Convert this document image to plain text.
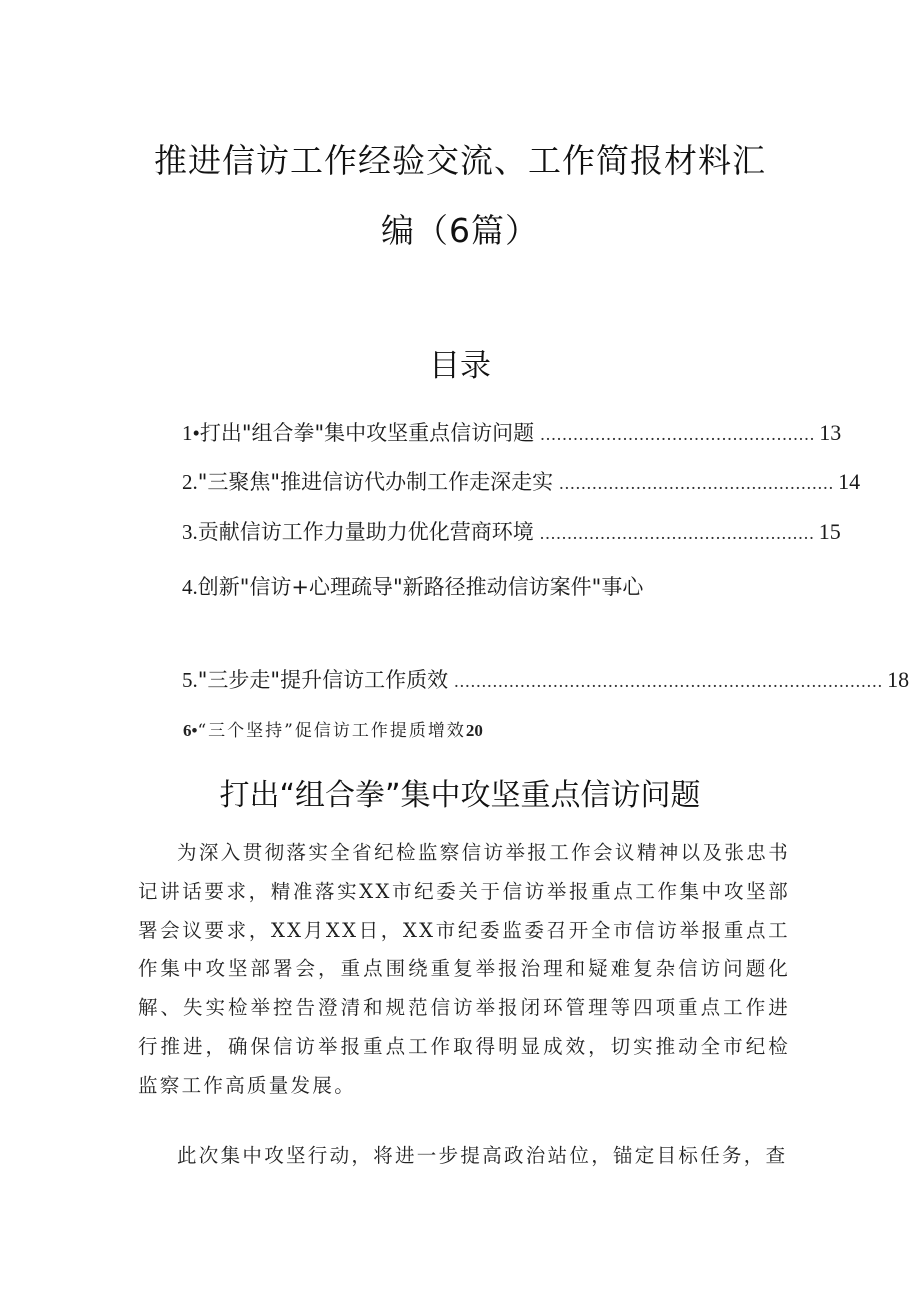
推进信访工作经验交流、工作简报材料汇
编（6篇）
目录
1• 打出"组合拳"集中攻坚重点信访问题 .................................................. 13
2. "三聚焦"推进信访代办制工作走深走实 .................................................. 14
3. 贡献信访工作力量助力优化营商环境 .................................................. 15
4. 创新"信访+心理疏导"新路径推动信访案件"事心
5. "三步走"提升信访工作质效 .............................................................................. 18
6•“三个坚持”促信访工作提质增效20
打出“组合拳”集中攻坚重点信访问题
为深入贯彻落实全省纪检监察信访举报工作会议精神以及张忠书记讲话要求，精准落实XX市纪委关于信访举报重点工作集中攻坚部署会议要求，XX月XX日，XX市纪委监委召开全市信访举报重点工作集中攻坚部署会，重点围绕重复举报治理和疑难复杂信访问题化解、失实检举控告澄清和规范信访举报闭环管理等四项重点工作进行推进，确保信访举报重点工作取得明显成效，切实推动全市纪检监察工作高质量发展。
此次集中攻坚行动，将进一步提高政治站位，锚定目标任务，查
